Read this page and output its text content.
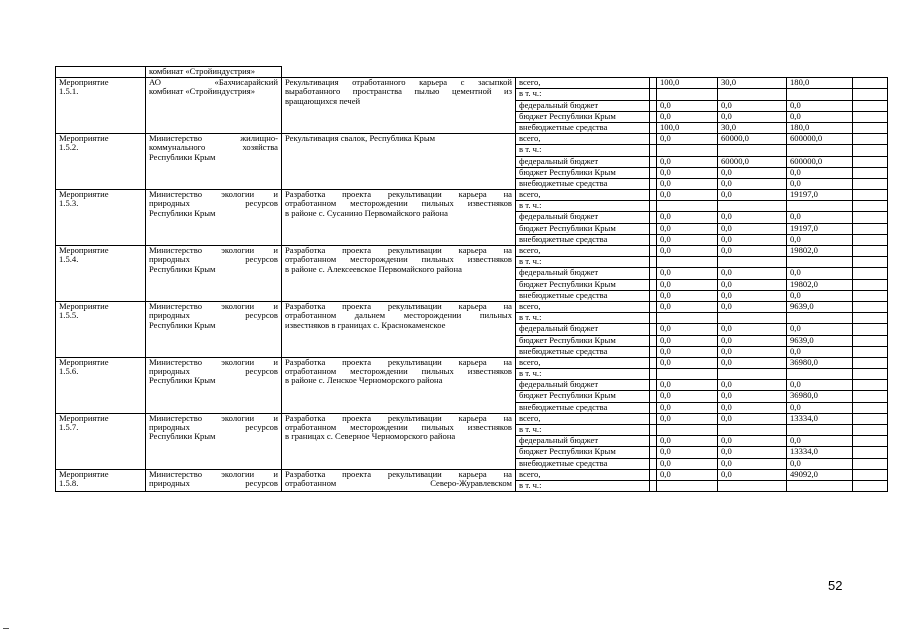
	комбинат «Стройиндустрия»							

Мероприятие
1.5.1.	АО «Бахчисарайский
комбинат «Стройиндустрия»	Рекультивация отработанного карьера с засыпкой
выработанного пространства пылью цементной из
вращающихся печей	всего,		100,0	30,0	180,0	
			в т. ч.:					
			федеральный бюджет		0,0	0,0	0,0	
			бюджет Республики Крым		0,0	0,0	0,0	
			внебюджетные средства		100,0	30,0	180,0	

Мероприятие
1.5.2.	Министерство жилищно-
коммунального хозяйства
Республики Крым	Рекультивация свалок, Республика Крым	всего,		0,0	60000,0	600000,0	
			в т. ч.:					
			федеральный бюджет		0,0	60000,0	600000,0	
			бюджет Республики Крым		0,0	0,0	0,0	
			внебюджетные средства		0,0	0,0	0,0	

Мероприятие
1.5.3.	Министерство экологии и
природных ресурсов
Республики Крым	Разработка проекта рекультивации карьера на
отработанном месторождении пильных известняков
в районе с. Сусанино Первомайского района	всего,		0,0	0,0	19197,0	
			в т. ч.:					
			федеральный бюджет		0,0	0,0	0,0	
			бюджет Республики Крым		0,0	0,0	19197,0	
			внебюджетные средства		0,0	0,0	0,0	

Мероприятие
1.5.4.	Министерство экологии и
природных ресурсов
Республики Крым	Разработка проекта рекультивации карьера на
отработанном месторождении пильных известняков
в районе с. Алексеевское Первомайского района	всего,		0,0	0,0	19802,0	
			в т. ч.:					
			федеральный бюджет		0,0	0,0	0,0	
			бюджет Республики Крым		0,0	0,0	19802,0	
			внебюджетные средства		0,0	0,0	0,0	

Мероприятие
1.5.5.	Министерство экологии и
природных ресурсов
Республики Крым	Разработка проекта рекультивации карьера на
отработанном дальнем месторождении пильных
известняков в границах с. Краснокаменское	всего,		0,0	0,0	9639,0	
			в т. ч.:					
			федеральный бюджет		0,0	0,0	0,0	
			бюджет Республики Крым		0,0	0,0	9639,0	
			внебюджетные средства		0,0	0,0	0,0	

Мероприятие
1.5.6.	Министерство экологии и
природных ресурсов
Республики Крым	Разработка проекта рекультивации карьера на
отработанном месторождении пильных известняков
в районе с. Ленское Черноморского района	всего,		0,0	0,0	36980,0	
			в т. ч.:					
			федеральный бюджет		0,0	0,0	0,0	
			бюджет Республики Крым		0,0	0,0	36980,0	
			внебюджетные средства		0,0	0,0	0,0	

Мероприятие
1.5.7.	Министерство экологии и
природных ресурсов
Республики Крым	Разработка проекта рекультивации карьера на
отработанном месторождении пильных известняков
в границах с. Северное Черноморского района	всего,		0,0	0,0	13334,0	
			в т. ч.:					
			федеральный бюджет		0,0	0,0	0,0	
			бюджет Республики Крым		0,0	0,0	13334,0	
			внебюджетные средства		0,0	0,0	0,0	

Мероприятие
1.5.8.	Министерство экологии и
природных ресурсов	Разработка проекта рекультивации карьера на
отработанном Северо-Журавлевском	всего,		0,0	0,0	49092,0	
			в т. ч.:					
52
